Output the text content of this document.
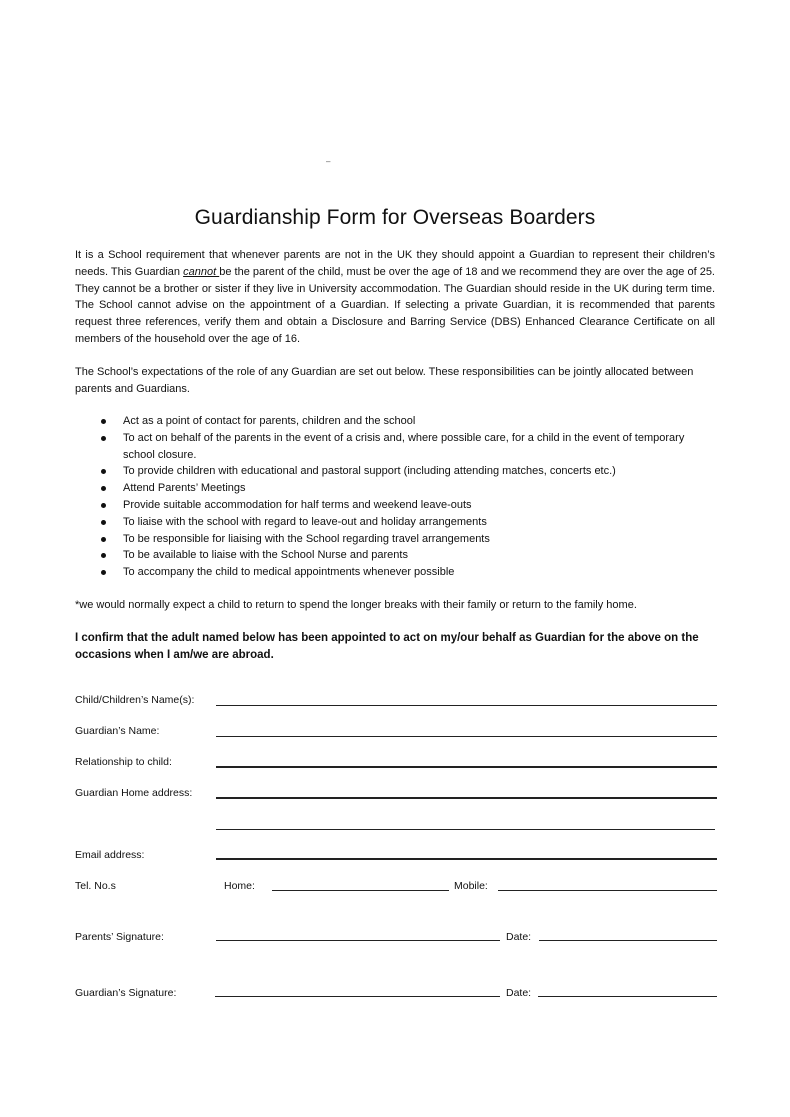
–
Guardianship Form for Overseas Boarders

It is a School requirement that whenever parents are not in the UK they should appoint a Guardian to represent their children’s needs. This Guardian cannot be the parent of the child, must be over the age of 18 and we recommend they are over the age of 25. They cannot be a brother or sister if they live in University accommodation. The Guardian should reside in the UK during term time. The School cannot advise on the appointment of a Guardian. If selecting a private Guardian, it is recommended that parents request three references, verify them and obtain a Disclosure and Barring Service (DBS) Enhanced Clearance Certificate on all members of the household over the age of 16.

The School’s expectations of the role of any Guardian are set out below. These responsibilities can be jointly allocated between parents and Guardians.

Act as a point of contact for parents, children and the school
To act on behalf of the parents in the event of a crisis and, where possible care, for a child in the event of temporary school closure.
To provide children with educational and pastoral support (including attending matches, concerts etc.)
Attend Parents’ Meetings
Provide suitable accommodation for half terms and weekend leave-outs
To liaise with the school with regard to leave-out and holiday arrangements
To be responsible for liaising with the School regarding travel arrangements
To be available to liaise with the School Nurse and parents
To accompany the child to medical appointments whenever possible

*we would normally expect a child to return to spend the longer breaks with their family or return to the family home.

I confirm that the adult named below has been appointed to act on my/our behalf as Guardian for the above on the occasions when I am/we are abroad.

Child/Children’s Name(s):
Guardian’s Name:
Relationship to child:
Guardian Home address:
Email address:
Tel. No.s	Home:	Mobile:
Parents’ Signature:	Date:
Guardian’s Signature:	Date:
